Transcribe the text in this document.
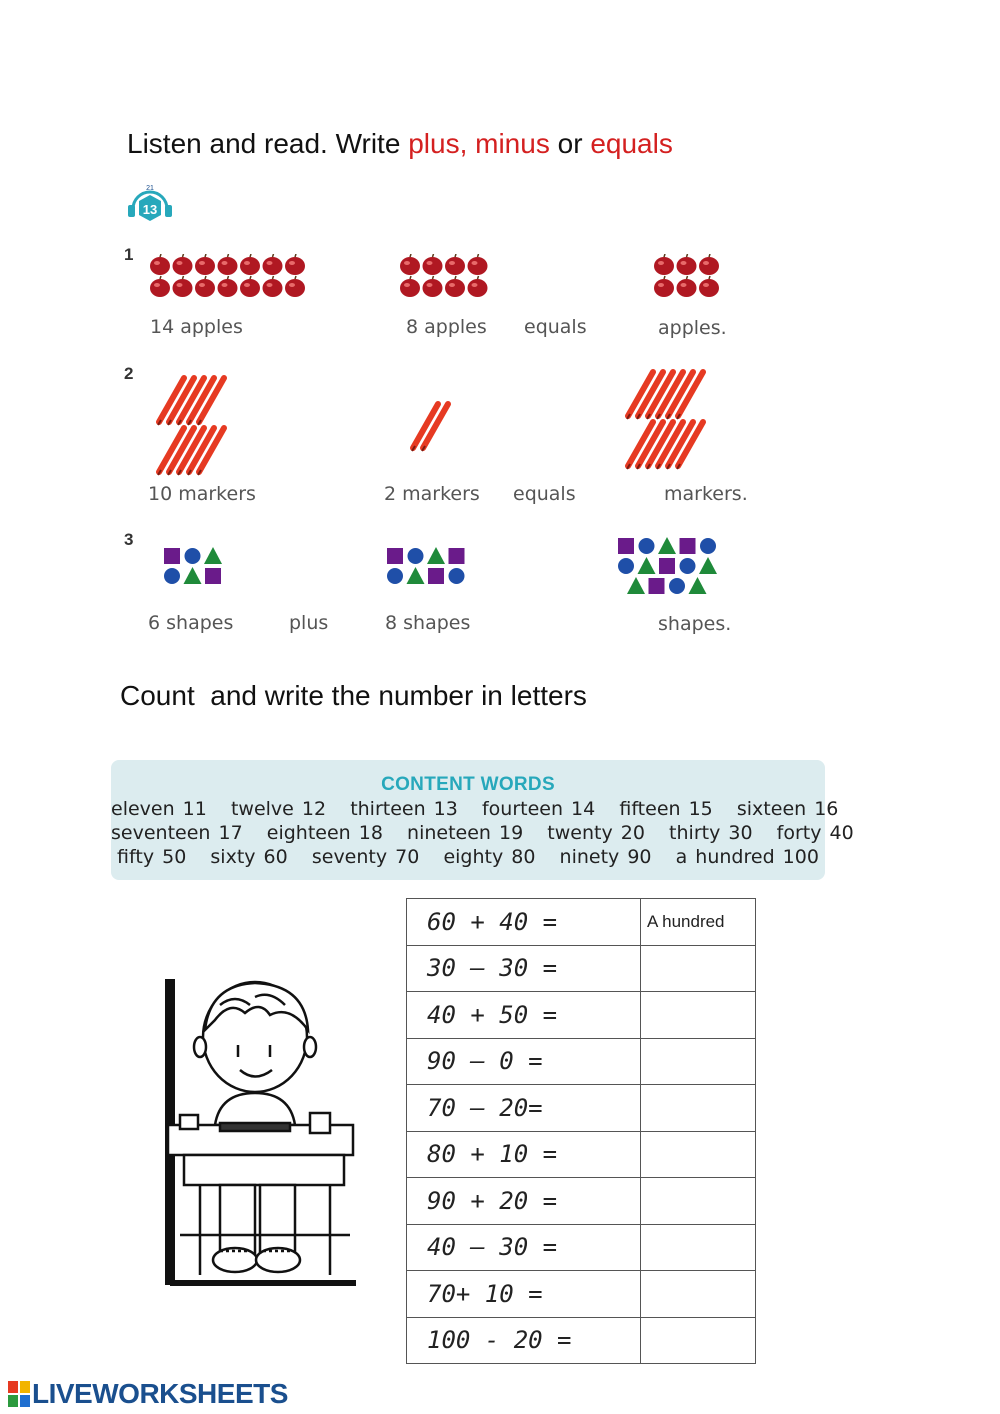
Listen and read. Write plus, minus or equals
13
21
1
14 apples	8 apples equals	apples.
2
10 markers	2 markers equals	markers.
3
6 shapes	plus	8 shapes	shapes.
Count  and write the number in letters
CONTENT WORDS
eleven 11   twelve 12   thirteen 13   fourteen 14   fifteen 15   sixteen 16
seventeen 17   eighteen 18   nineteen 19   twenty 20   thirty 30   forty 40
fifty 50   sixty 60   seventy 70   eighty 80   ninety 90   a hundred 100
60 + 40 =	A hundred
30 – 30 =	
40 + 50 =	
90 – 0 =	
70 – 20=	
80 + 10 =	
90 + 20 =	
40 – 30 =	
70+ 10 =	
100 - 20 =	
LIVEWORKSHEETS
